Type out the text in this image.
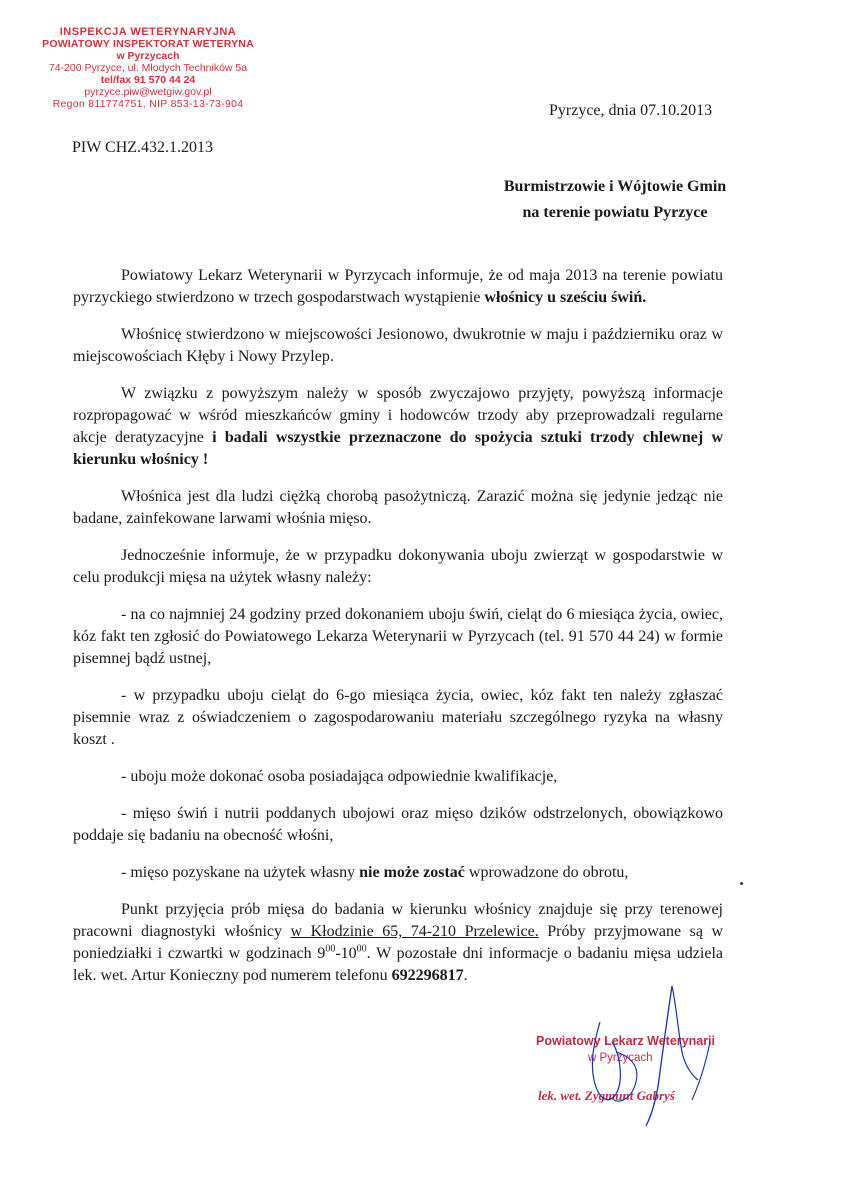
INSPEKCJA WETERYNARYJNA
POWIATOWY INSPEKTORAT WETERYNA
w Pyrzycach
74-200 Pyrzyce, ul. Młodych Techników 5a
tel/fax 91 570 44 24
pyrzyce.piw@wetgiw.gov.pl
Regon 811774751, NIP 853-13-73-904	Pyrzyce, dnia 07.10.2013
PIW CHZ.432.1.2013
Burmistrzowie i Wójtowie Gmin
na terenie powiatu Pyrzyce

Powiatowy Lekarz Weterynarii w Pyrzycach informuje, że od maja 2013 na terenie powiatu pyrzyckiego stwierdzono w trzech gospodarstwach wystąpienie włośnicy u sześciu świń.

Włośnicę stwierdzono w miejscowości Jesionowo, dwukrotnie w maju i październiku oraz w miejscowościach Kłęby i Nowy Przylep.

W związku z powyższym należy w sposób zwyczajowo przyjęty, powyższą informacje rozpropagować w wśród mieszkańców gminy i hodowców trzody aby przeprowadzali regularne akcje deratyzacyjne i badali wszystkie przeznaczone do spożycia sztuki trzody chlewnej w kierunku włośnicy !

Włośnica jest dla ludzi ciężką chorobą pasożytniczą. Zarazić można się jedynie jedząc nie badane, zainfekowane larwami włośnia mięso.

Jednocześnie informuje, że w przypadku dokonywania uboju zwierząt w gospodarstwie w celu produkcji mięsa na użytek własny należy:

- na co najmniej 24 godziny przed dokonaniem uboju świń, cieląt do 6 miesiąca życia, owiec, kóz fakt ten zgłosić do Powiatowego Lekarza Weterynarii w Pyrzycach (tel. 91 570 44 24) w formie pisemnej bądź ustnej,

- w przypadku uboju cieląt do 6-go miesiąca życia, owiec, kóz fakt ten należy zgłaszać pisemnie wraz z oświadczeniem o zagospodarowaniu materiału szczególnego ryzyka na własny koszt .

- uboju może dokonać osoba posiadająca odpowiednie kwalifikacje,

- mięso świń i nutrii poddanych ubojowi oraz mięso dzików odstrzelonych, obowiązkowo poddaje się badaniu na obecność włośni,

- mięso pozyskane na użytek własny nie może zostać wprowadzone do obrotu,

Punkt przyjęcia prób mięsa do badania w kierunku włośnicy znajduje się przy terenowej pracowni diagnostyki włośnicy w Kłodzinie 65, 74-210 Przelewice. Próby przyjmowane są w poniedziałki i czwartki w godzinach $9^{00}-10^{00}$. W pozostałe dni informacje o badaniu mięsa udziela lek. wet. Artur Konieczny pod numerem telefonu 692296817.

Powiatowy Lekarz Weterynarii
w Pyrzycach
lek. wet. Zygmunt Gabryś
